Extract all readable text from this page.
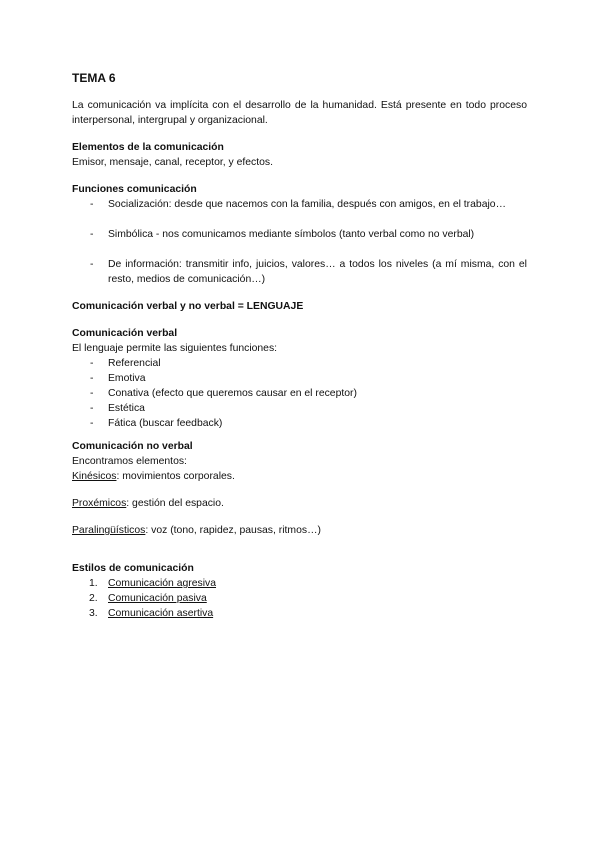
TEMA 6

La comunicación va implícita con el desarrollo de la humanidad. Está presente en todo proceso interpersonal, intergrupal y organizacional.

Elementos de la comunicación

Emisor, mensaje, canal, receptor, y efectos.

Funciones comunicación

- Socialización: desde que nacemos con la familia, después con amigos, en el trabajo…
- Simbólica - nos comunicamos mediante símbolos (tanto verbal como no verbal)
- De información: transmitir info, juicios, valores… a todos los niveles (a mí misma, con el resto, medios de comunicación…)

Comunicación verbal y no verbal = LENGUAJE

Comunicación verbal

El lenguaje permite las siguientes funciones:

- Referencial
- Emotiva
- Conativa (efecto que queremos causar en el receptor)
- Estética
- Fática (buscar feedback)

Comunicación no verbal

Encontramos elementos:

Kinésicos: movimientos corporales.

Proxémicos: gestión del espacio.

Paralingüísticos: voz (tono, rapidez, pausas, ritmos…)

Estilos de comunicación

1. Comunicación agresiva
2. Comunicación pasiva
3. Comunicación asertiva
